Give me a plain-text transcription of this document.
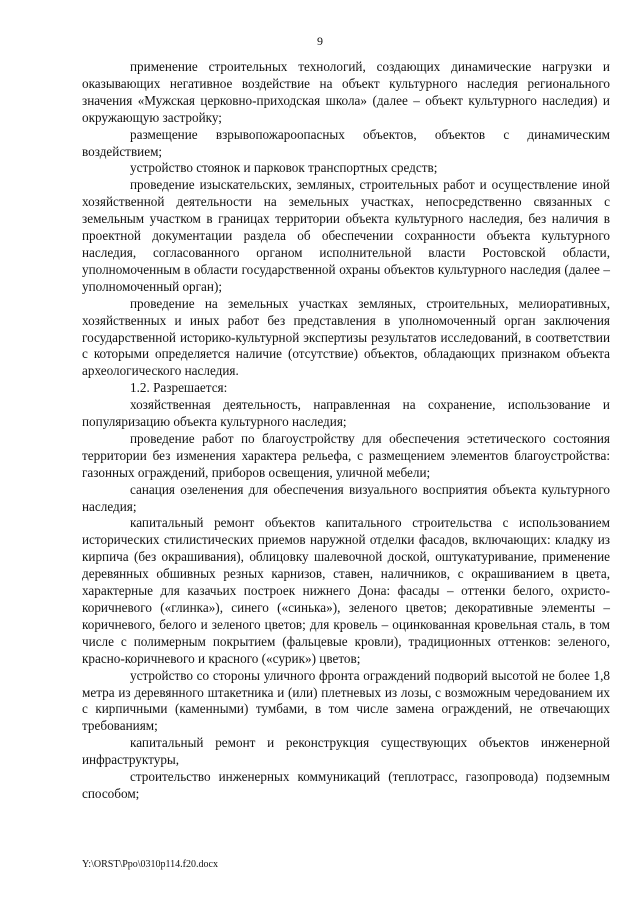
9

применение строительных технологий, создающих динамические нагрузки и оказывающих негативное воздействие на объект культурного наследия регионального значения «Мужская церковно-приходская школа» (далее – объект культурного наследия) и окружающую застройку;

размещение взрывопожароопасных объектов, объектов с динамическим воздействием;

устройство стоянок и парковок транспортных средств;

проведение изыскательских, земляных, строительных работ и осуществление иной хозяйственной деятельности на земельных участках, непосредственно связанных с земельным участком в границах территории объекта культурного наследия, без наличия в проектной документации раздела об обеспечении сохранности объекта культурного наследия, согласованного органом исполнительной власти Ростовской области, уполномоченным в области государственной охраны объектов культурного наследия (далее – уполномоченный орган);

проведение на земельных участках земляных, строительных, мелиоративных, хозяйственных и иных работ без представления в уполномоченный орган заключения государственной историко-культурной экспертизы результатов исследований, в соответствии с которыми определяется наличие (отсутствие) объектов, обладающих признаком объекта археологического наследия.

1.2. Разрешается:

хозяйственная деятельность, направленная на сохранение, использование и популяризацию объекта культурного наследия;

проведение работ по благоустройству для обеспечения эстетического состояния территории без изменения характера рельефа, с размещением элементов благоустройства: газонных ограждений, приборов освещения, уличной мебели;

санация озеленения для обеспечения визуального восприятия объекта культурного наследия;

капитальный ремонт объектов капитального строительства с использованием исторических стилистических приемов наружной отделки фасадов, включающих: кладку из кирпича (без окрашивания), облицовку шалевочной доской, оштукатуривание, применение деревянных обшивных резных карнизов, ставен, наличников, с окрашиванием в цвета, характерные для казачьих построек нижнего Дона: фасады – оттенки белого, охристо-коричневого («глинка»), синего («синька»), зеленого цветов; декоративные элементы – коричневого, белого и зеленого цветов; для кровель – оцинкованная кровельная сталь, в том числе с полимерным покрытием (фальцевые кровли), традиционных оттенков: зеленого, красно-коричневого и красного («сурик») цветов;

устройство со стороны уличного фронта ограждений подворий высотой не более 1,8 метра из деревянного штакетника и (или) плетневых из лозы, с возможным чередованием их с кирпичными (каменными) тумбами, в том числе замена ограждений, не отвечающих требованиям;

капитальный ремонт и реконструкция существующих объектов инженерной инфраструктуры,

строительство инженерных коммуникаций (теплотрасс, газопровода) подземным способом;

Y:\ORST\Ppo\0310p114.f20.docx
